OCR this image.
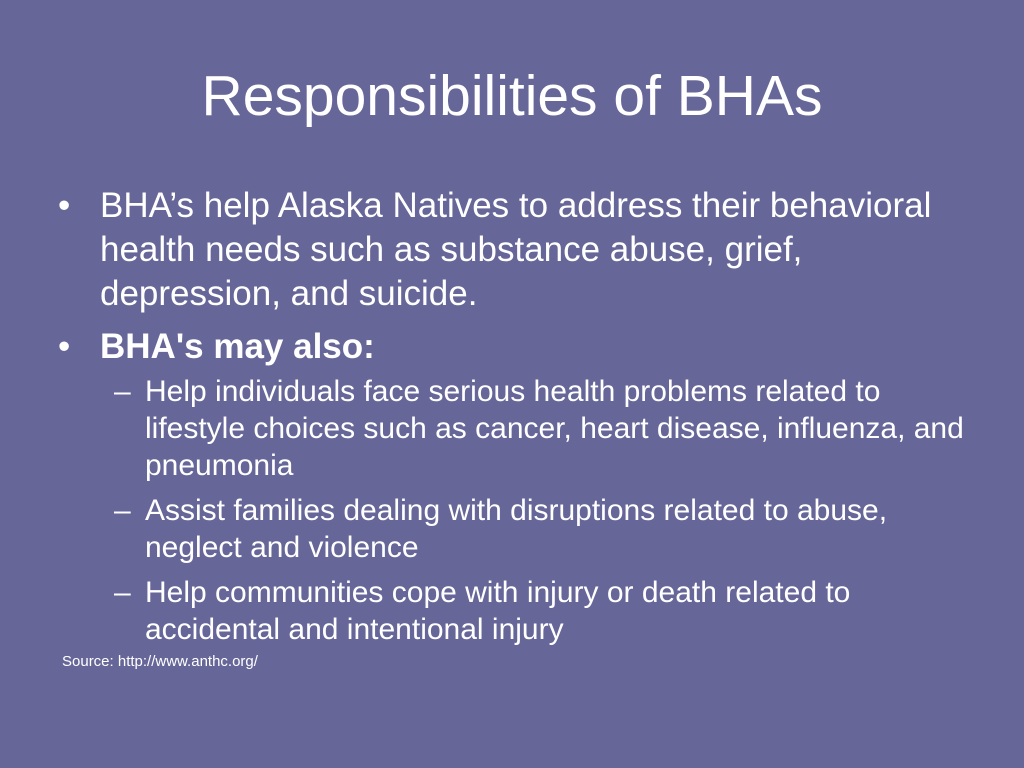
Responsibilities of BHAs
• BHA’s help Alaska Natives to address their behavioral health needs such as substance abuse, grief, depression, and suicide.
• BHA's may also:
– Help individuals face serious health problems related to lifestyle choices such as cancer, heart disease, influenza, and pneumonia
– Assist families dealing with disruptions related to abuse, neglect and violence
– Help communities cope with injury or death related to accidental and intentional injury
Source: http://www.anthc.org/
